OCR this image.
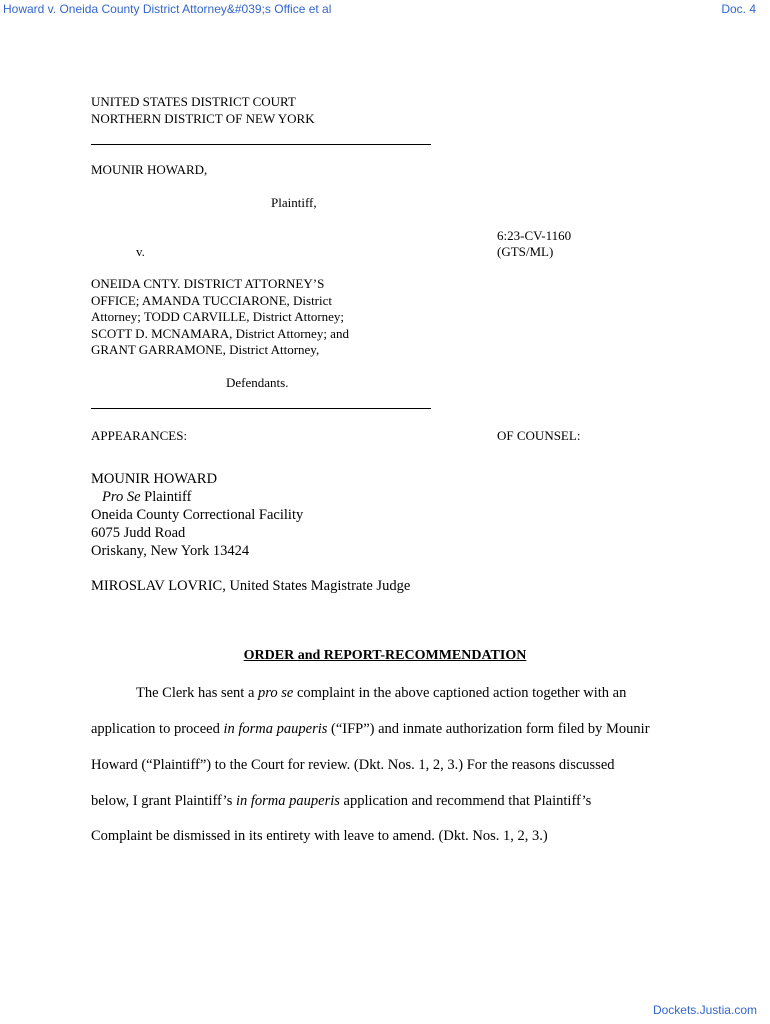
Howard v. Oneida County District Attorney&#039;s Office et al	Doc. 4
UNITED STATES DISTRICT COURT
NORTHERN DISTRICT OF NEW YORK
MOUNIR HOWARD,
Plaintiff,
v.
6:23-CV-1160
(GTS/ML)
ONEIDA CNTY. DISTRICT ATTORNEY’S
OFFICE; AMANDA TUCCIARONE, District
Attorney; TODD CARVILLE, District Attorney;
SCOTT D. MCNAMARA, District Attorney; and
GRANT GARRAMONE, District Attorney,
Defendants.
APPEARANCES:	OF COUNSEL:
MOUNIR HOWARD
Pro Se Plaintiff
Oneida County Correctional Facility
6075 Judd Road
Oriskany, New York 13424
MIROSLAV LOVRIC, United States Magistrate Judge
ORDER and REPORT-RECOMMENDATION
The Clerk has sent a pro se complaint in the above captioned action together with an
application to proceed in forma pauperis (“IFP”) and inmate authorization form filed by Mounir
Howard (“Plaintiff”) to the Court for review. (Dkt. Nos. 1, 2, 3.) For the reasons discussed
below, I grant Plaintiff’s in forma pauperis application and recommend that Plaintiff’s
Complaint be dismissed in its entirety with leave to amend. (Dkt. Nos. 1, 2, 3.)
Dockets.Justia.com
